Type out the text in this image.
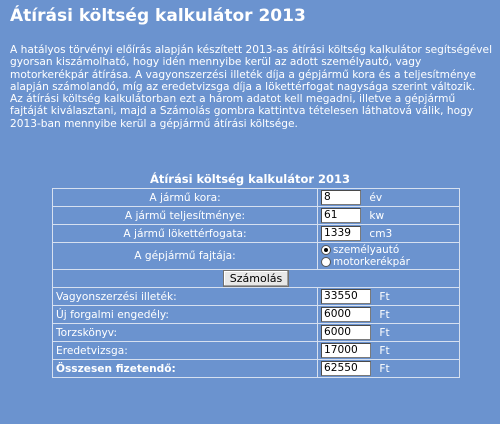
Átírási költség kalkulátor 2013

A hatályos törvényi előírás alapján készített 2013-as átírási költség kalkulátor segítségével gyorsan kiszámolható, hogy idén mennyibe kerül az adott személyautó, vagy motorkerékpár átírása. A vagyonszerzési illeték díja a gépjármű kora és a teljesítménye alapján számolandó, míg az eredetvizsga díja a lökettérfogat nagysága szerint változik.

Az átírási költség kalkulátorban ezt a három adatot kell megadni, illetve a gépjármű fajtáját kiválasztani, majd a Számolás gombra kattintva tételesen láthatová válik, hogy 2013-ban mennyibe kerül a gépjármű átírási költsége.

Átírási költség kalkulátor 2013
A jármű kora:	8 év
A jármű teljesítménye:	61 kw
A jármű lökettérfogata:	1339 cm3
A gépjármű fajtája:	személyautó
motorkerékpár

Számolás	
Vagyonszerzési illeték:	33550 Ft
Új forgalmi engedély:	6000 Ft
Torzskönyv:	6000 Ft
Eredetvizsga:	17000 Ft
Összesen fizetendő:	62550 Ft
